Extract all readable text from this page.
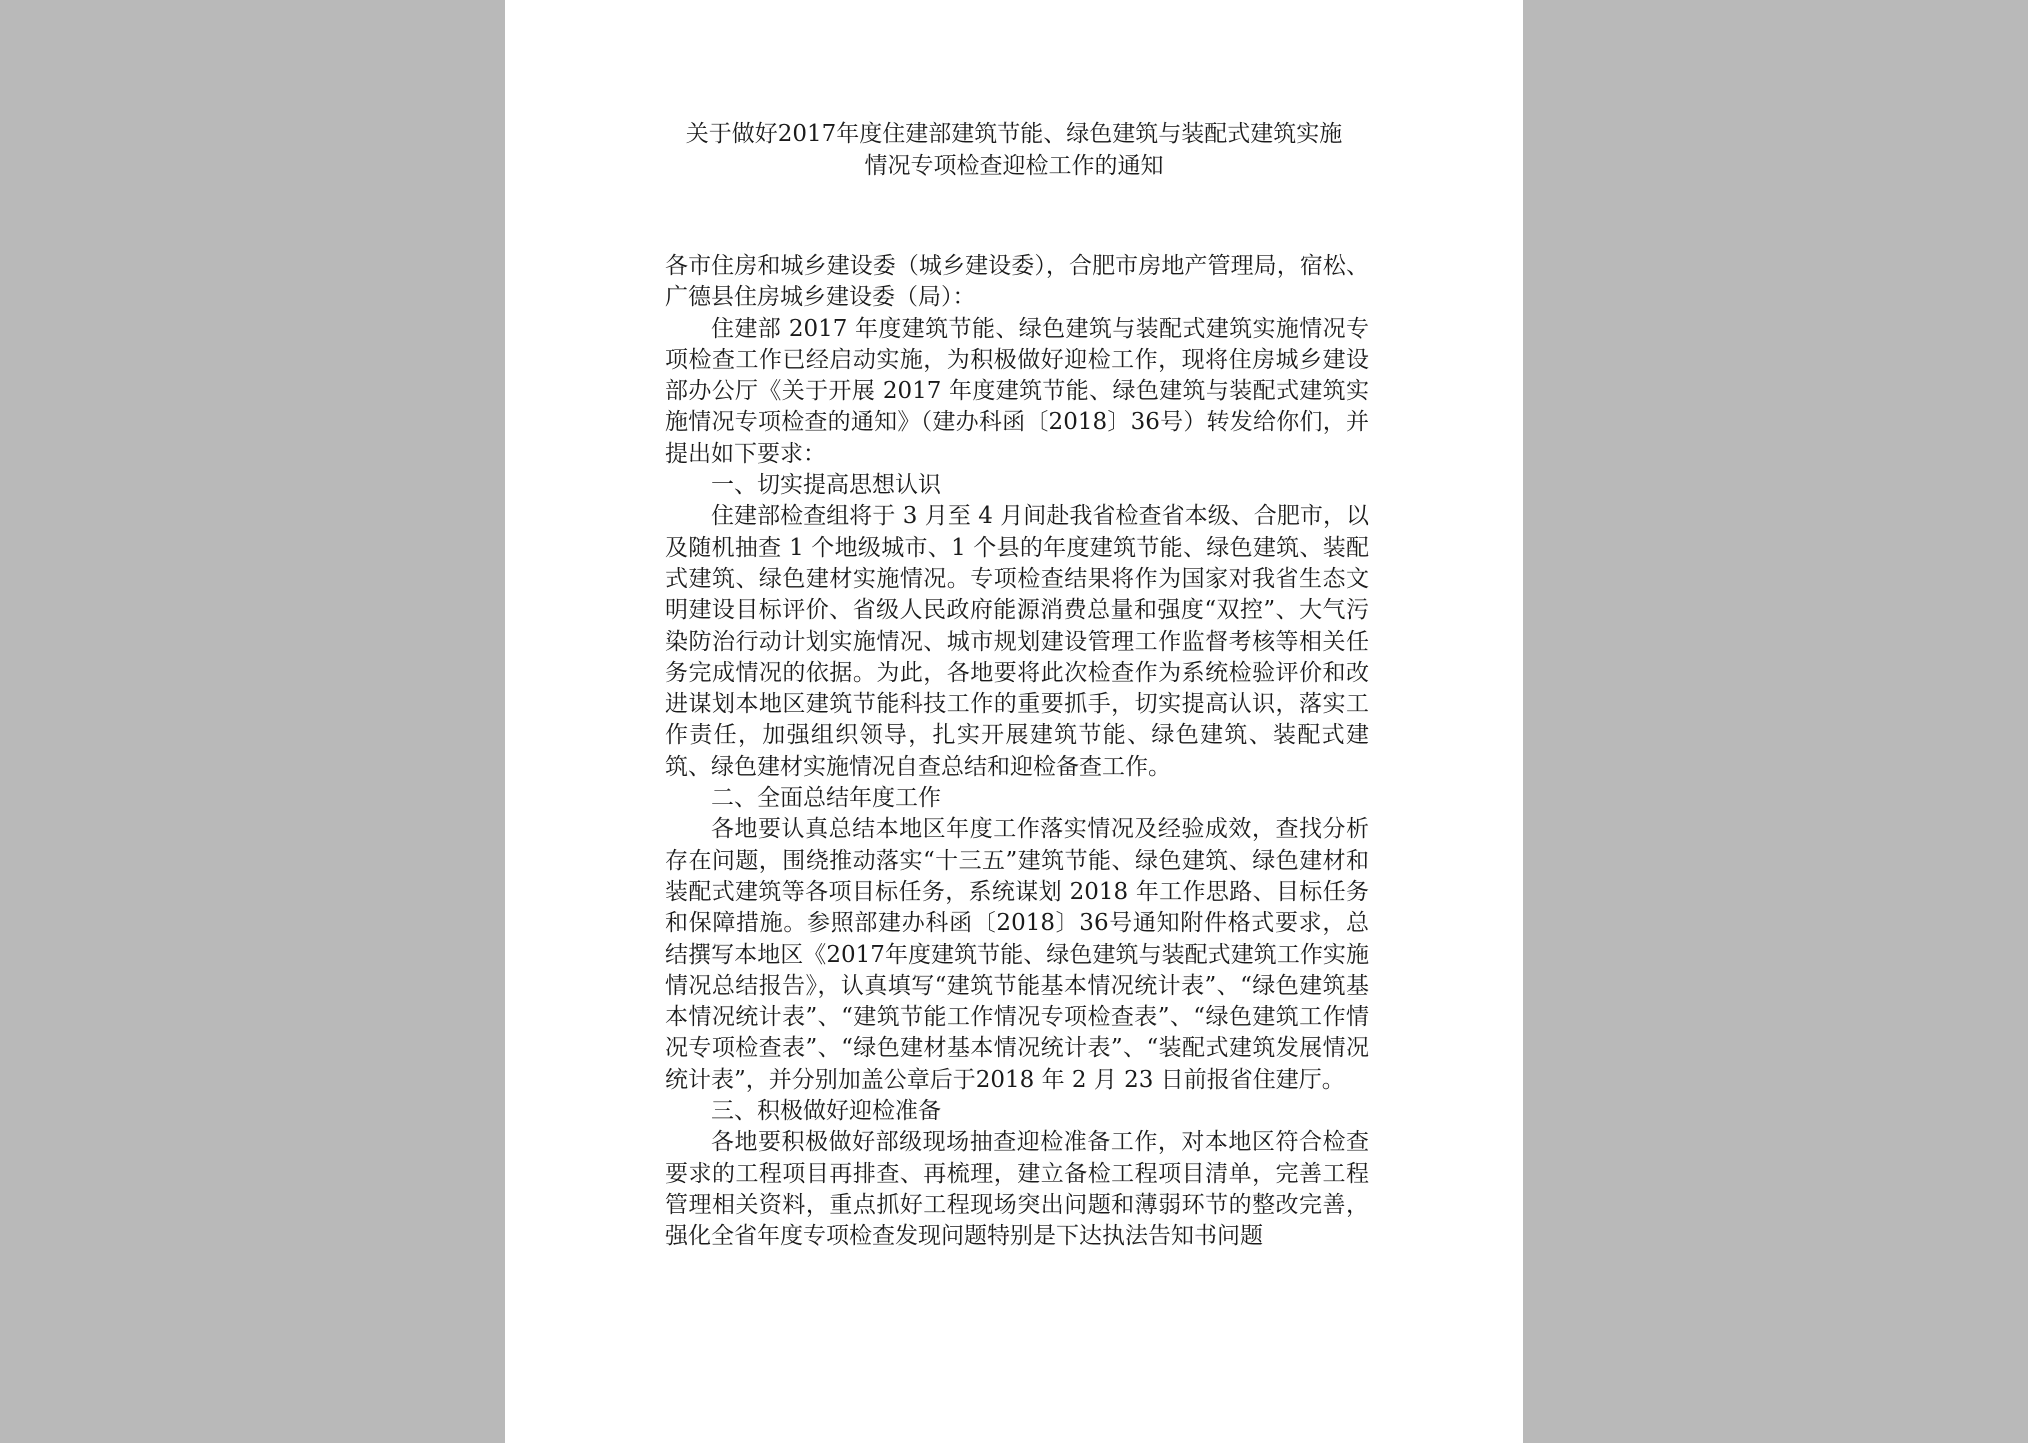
关于做好2017年度住建部建筑节能、绿色建筑与装配式建筑实施
情况专项检查迎检工作的通知

各市住房和城乡建设委（城乡建设委），合肥市房地产管理局，宿松、广德县住房城乡建设委（局）：

住建部 2017 年度建筑节能、绿色建筑与装配式建筑实施情况专项检查工作已经启动实施，为积极做好迎检工作，现将住房城乡建设部办公厅《关于开展 2017 年度建筑节能、绿色建筑与装配式建筑实施情况专项检查的通知》（建办科函〔2018〕36号）转发给你们，并提出如下要求：

一、切实提高思想认识

住建部检查组将于 3 月至 4 月间赴我省检查省本级、合肥市，以及随机抽查 1 个地级城市、1 个县的年度建筑节能、绿色建筑、装配式建筑、绿色建材实施情况。专项检查结果将作为国家对我省生态文明建设目标评价、省级人民政府能源消费总量和强度“双控”、大气污染防治行动计划实施情况、城市规划建设管理工作监督考核等相关任务完成情况的依据。为此，各地要将此次检查作为系统检验评价和改进谋划本地区建筑节能科技工作的重要抓手，切实提高认识，落实工作责任，加强组织领导，扎实开展建筑节能、绿色建筑、装配式建筑、绿色建材实施情况自查总结和迎检备查工作。

二、全面总结年度工作

各地要认真总结本地区年度工作落实情况及经验成效，查找分析存在问题，围绕推动落实“十三五”建筑节能、绿色建筑、绿色建材和装配式建筑等各项目标任务，系统谋划 2018 年工作思路、目标任务和保障措施。参照部建办科函〔2018〕36号通知附件格式要求，总结撰写本地区《2017年度建筑节能、绿色建筑与装配式建筑工作实施情况总结报告》，认真填写“建筑节能基本情况统计表”、“绿色建筑基本情况统计表”、“建筑节能工作情况专项检查表”、“绿色建筑工作情况专项检查表”、“绿色建材基本情况统计表”、“装配式建筑发展情况统计表”，并分别加盖公章后于2018 年 2 月 23 日前报省住建厅。

三、积极做好迎检准备

各地要积极做好部级现场抽查迎检准备工作，对本地区符合检查要求的工程项目再排查、再梳理，建立备检工程项目清单，完善工程管理相关资料，重点抓好工程现场突出问题和薄弱环节的整改完善，强化全省年度专项检查发现问题特别是下达执法告知书问题
